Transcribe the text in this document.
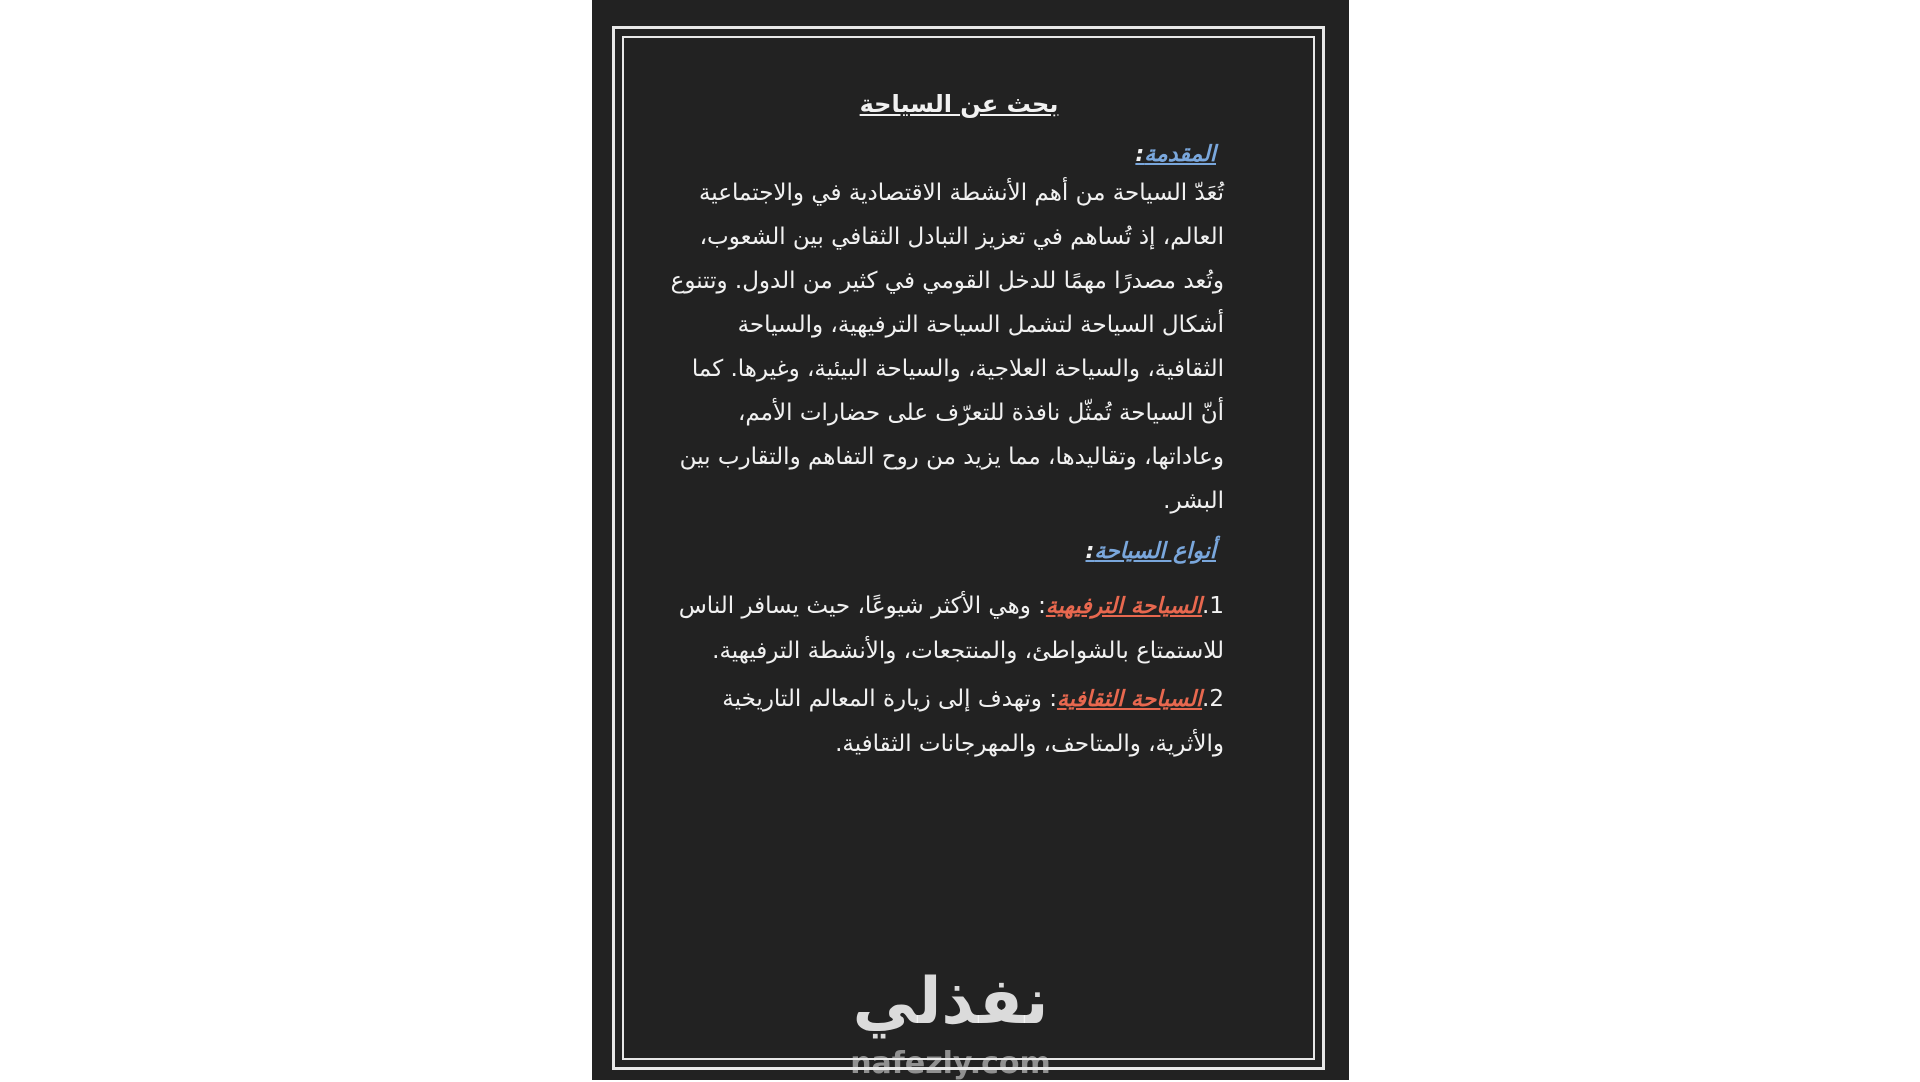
بحث عن السياحة
المقدمة:

تُعَدّ السياحة من أهم الأنشطة الاقتصادية في والاجتماعية العالم، إذ تُساهم في تعزيز التبادل الثقافي بين الشعوب، وتُعد مصدرًا مهمًا للدخل القومي في كثير من الدول. وتتنوع أشكال السياحة لتشمل السياحة الترفيهية، والسياحة الثقافية، والسياحة العلاجية، والسياحة البيئية، وغيرها. كما أنّ السياحة تُمثّل نافذة للتعرّف على حضارات الأمم، وعاداتها، وتقاليدها، مما يزيد من روح التفاهم والتقارب بين البشر.

أنواع السياحة:
1.السياحة الترفيهية: وهي الأكثر شيوعًا، حيث يسافر الناس للاستمتاع بالشواطئ، والمنتجعات، والأنشطة الترفيهية.
2.السياحة الثقافية: وتهدف إلى زيارة المعالم التاريخية والأثرية، والمتاحف، والمهرجانات الثقافية.
نفذلي
nafezly.com
